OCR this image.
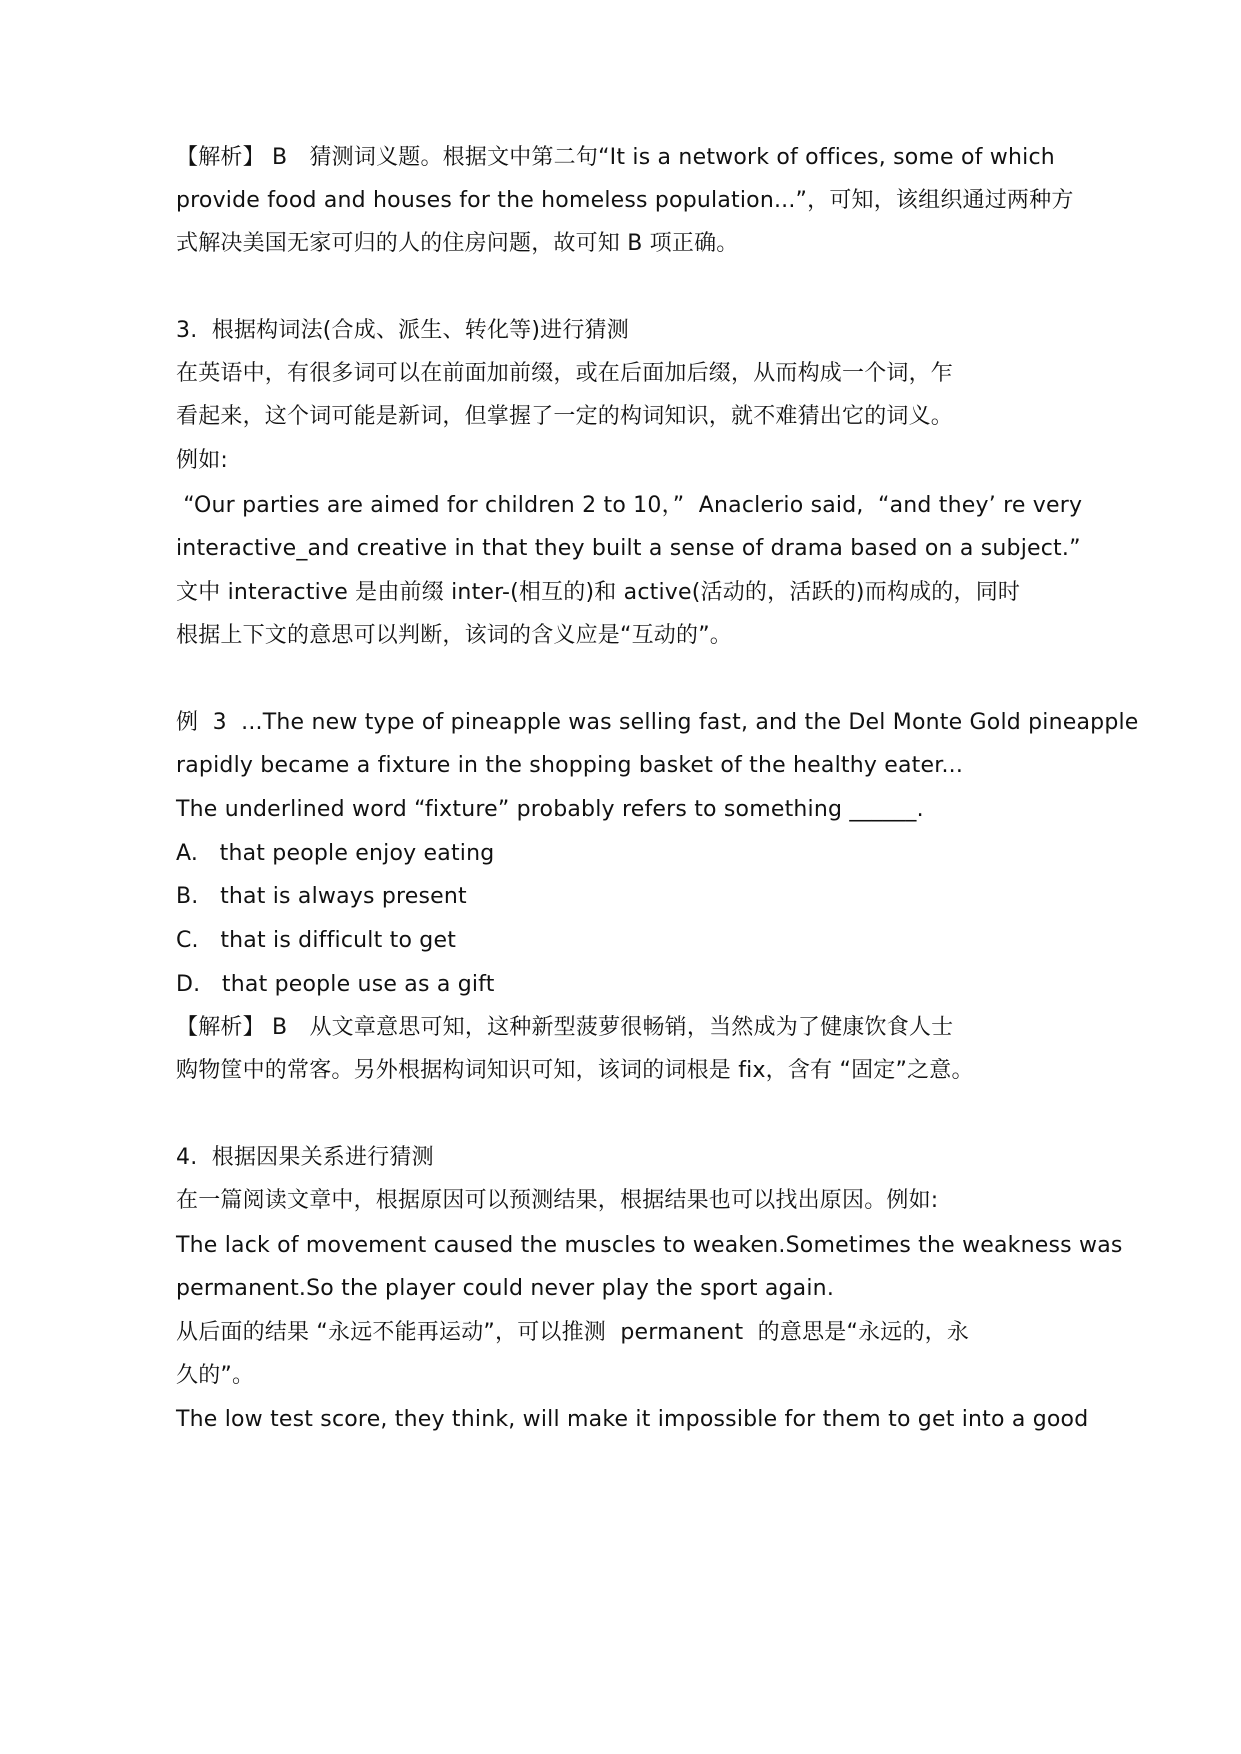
【解析】 B　猜测词义题。根据文中第二句“It is a network of offices, some of which
provide food and houses for the homeless population...”，可知，该组织通过两种方
式解决美国无家可归的人的住房问题，故可知 B 项正确。
3.  根据构词法(合成、派生、转化等)进行猜测
在英语中，有很多词可以在前面加前缀，或在后面加后缀，从而构成一个词，乍
看起来，这个词可能是新词，但掌握了一定的构词知识，就不难猜出它的词义。
例如:
“Our parties are aimed for children 2 to 10，”  Anaclerio said,  “and they’ re very
interactive_and creative in that they built a sense of drama based on a subject.”
文中 interactive 是由前缀 inter-(相互的)和 active(活动的，活跃的)而构成的，同时
根据上下文的意思可以判断，该词的含义应是“互动的”。
例  3  ...The new type of pineapple was selling fast, and the Del Monte Gold pineapple
rapidly became a fixture in the shopping basket of the healthy eater...
The underlined word “fixture” probably refers to something ______.
A.   that people enjoy eating
B.   that is always present
C.   that is difficult to get
D.   that people use as a gift
【解析】 B　从文章意思可知，这种新型菠萝很畅销，当然成为了健康饮食人士
购物筐中的常客。另外根据构词知识可知，该词的词根是 fix，含有 “固定”之意。
4.  根据因果关系进行猜测
在一篇阅读文章中，根据原因可以预测结果，根据结果也可以找出原因。例如:
The lack of movement caused the muscles to weaken.Sometimes the weakness was
permanent.So the player could never play the sport again.
从后面的结果 “永远不能再运动”，可以推测  permanent  的意思是“永远的，永
久的”。
The low test score, they think, will make it impossible for them to get into a good
